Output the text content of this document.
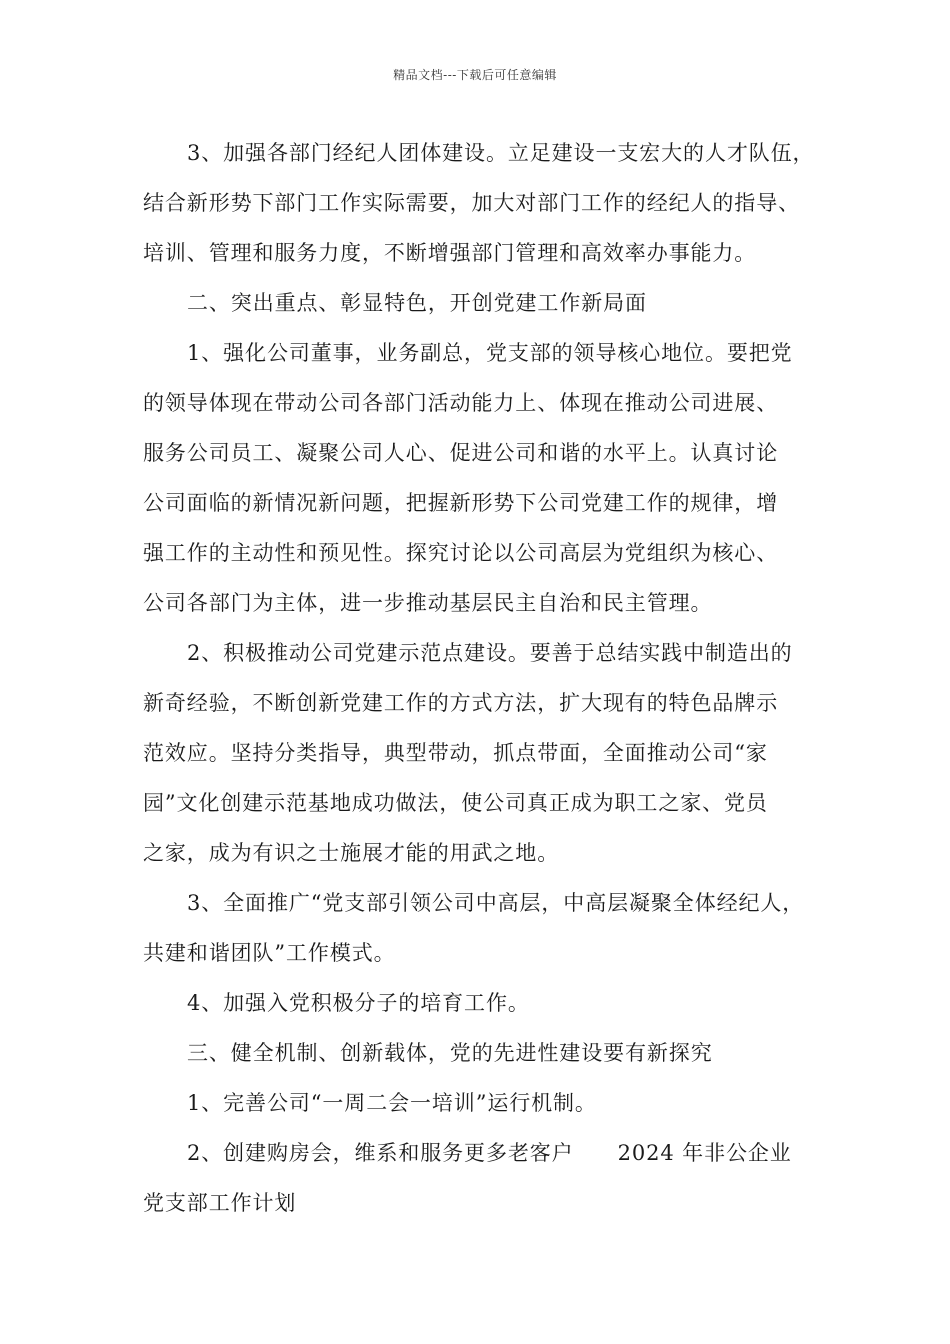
精品文档---下载后可任意编辑
3、加强各部门经纪人团体建设。立足建设一支宏大的人才队伍，
结合新形势下部门工作实际需要，加大对部门工作的经纪人的指导、
培训、管理和服务力度，不断增强部门管理和高效率办事能力。
二、突出重点、彰显特色，开创党建工作新局面
1、强化公司董事，业务副总，党支部的领导核心地位。要把党
的领导体现在带动公司各部门活动能力上、体现在推动公司进展、
服务公司员工、凝聚公司人心、促进公司和谐的水平上。认真讨论
公司面临的新情况新问题，把握新形势下公司党建工作的规律，增
强工作的主动性和预见性。探究讨论以公司高层为党组织为核心、
公司各部门为主体，进一步推动基层民主自治和民主管理。
2、积极推动公司党建示范点建设。要善于总结实践中制造出的
新奇经验，不断创新党建工作的方式方法，扩大现有的特色品牌示
范效应。坚持分类指导，典型带动，抓点带面，全面推动公司“家
园”文化创建示范基地成功做法，使公司真正成为职工之家、党员
之家，成为有识之士施展才能的用武之地。
3、全面推广“党支部引领公司中高层，中高层凝聚全体经纪人，
共建和谐团队”工作模式。
4、加强入党积极分子的培育工作。
三、健全机制、创新载体，党的先进性建设要有新探究
1、完善公司“一周二会一培训”运行机制。
2、创建购房会，维系和服务更多老客户 2024 年非公企业
党支部工作计划
